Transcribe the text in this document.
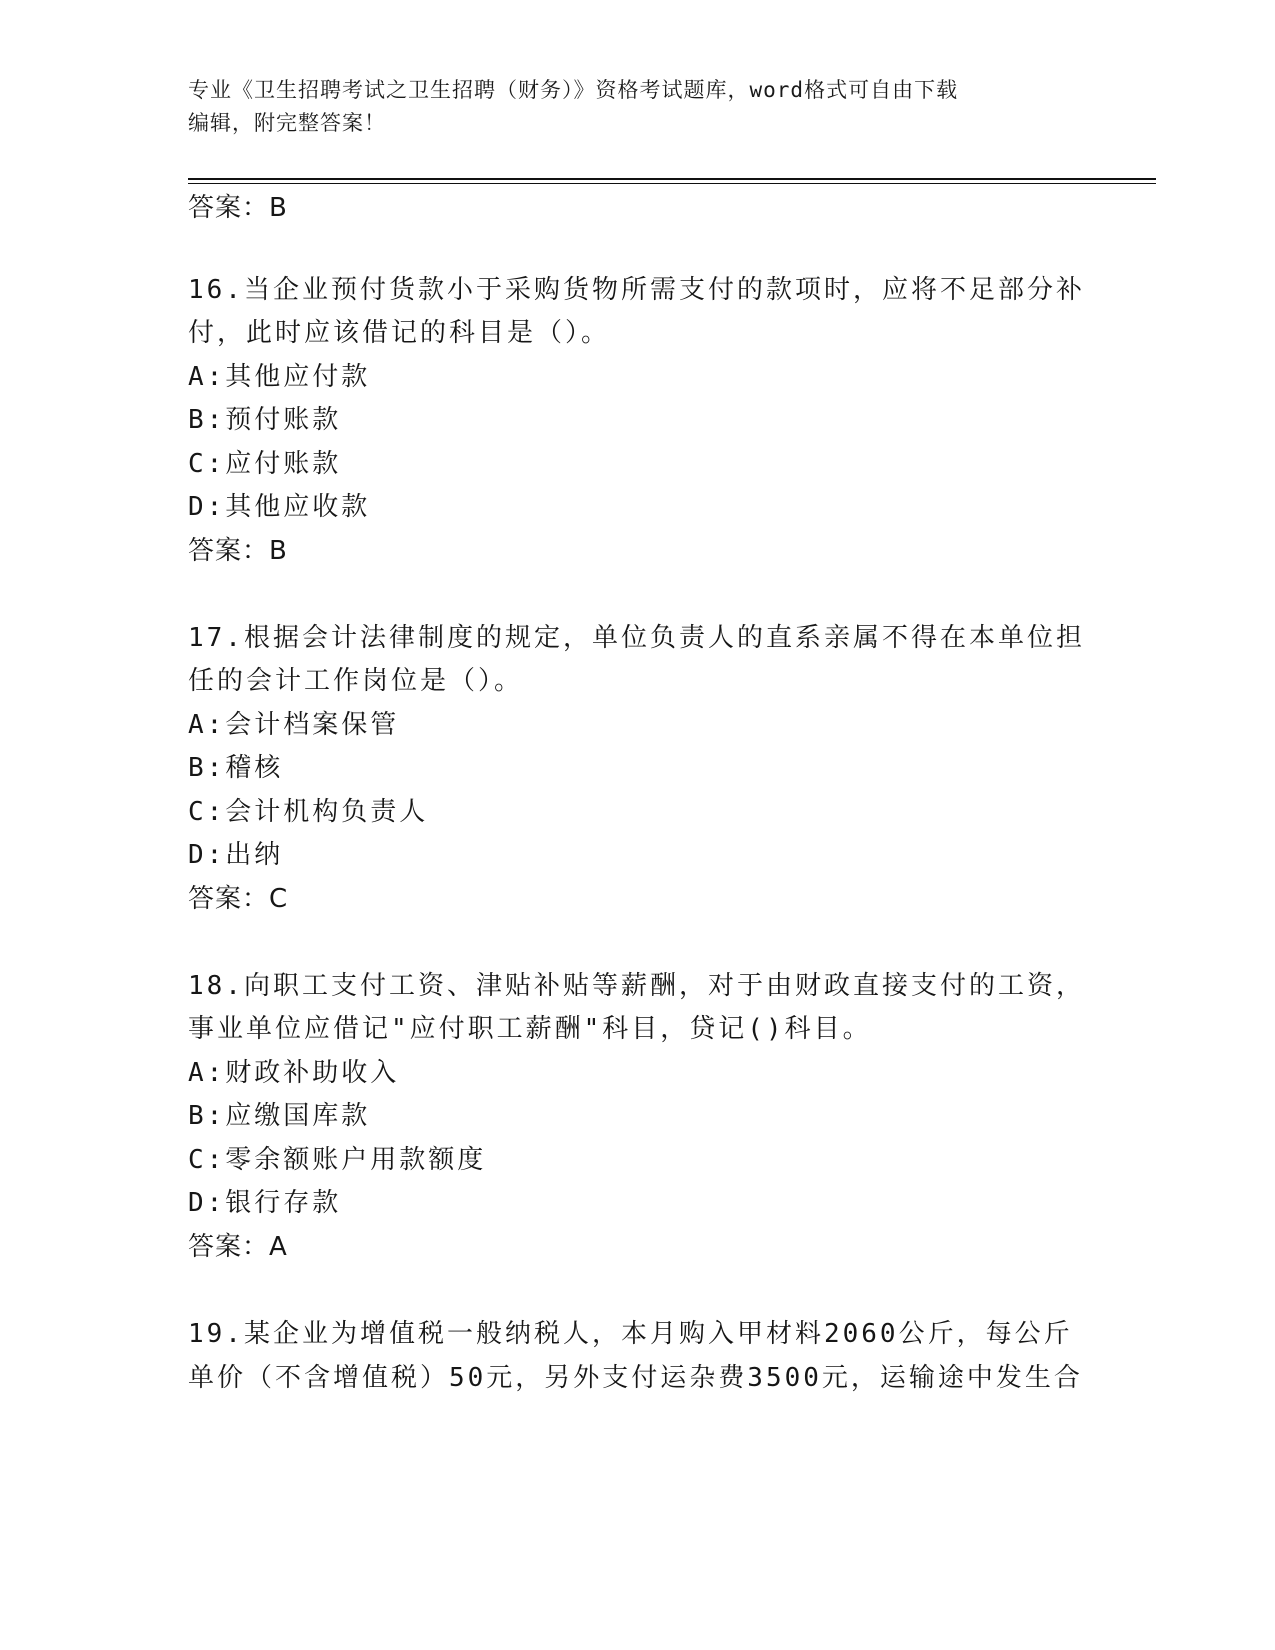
专业《卫生招聘考试之卫生招聘（财务）》资格考试题库，word格式可自由下载
编辑，附完整答案！
答案：B
16.当企业预付货款小于采购货物所需支付的款项时，应将不足部分补
付，此时应该借记的科目是（）。
A:其他应付款
B:预付账款
C:应付账款
D:其他应收款
答案：B
17.根据会计法律制度的规定，单位负责人的直系亲属不得在本单位担
任的会计工作岗位是（）。
A:会计档案保管
B:稽核
C:会计机构负责人
D:出纳
答案：C
18.向职工支付工资、津贴补贴等薪酬，对于由财政直接支付的工资，
事业单位应借记"应付职工薪酬"科目，贷记()科目。
A:财政补助收入
B:应缴国库款
C:零余额账户用款额度
D:银行存款
答案：A
19.某企业为增值税一般纳税人，本月购入甲材料2060公斤，每公斤
单价（不含增值税）50元，另外支付运杂费3500元，运输途中发生合
